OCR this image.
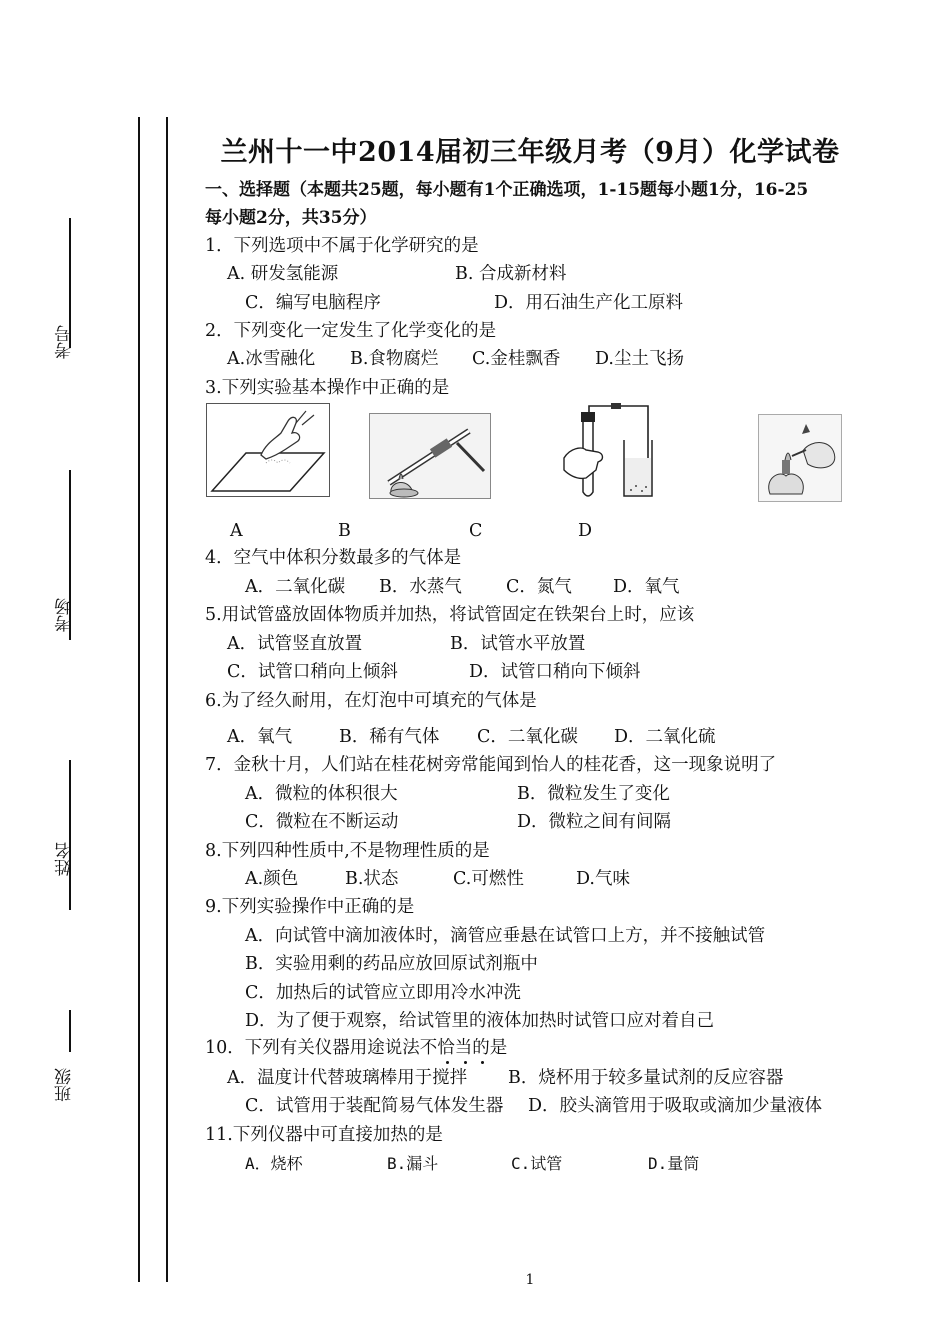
考号
考场
姓名
班级
兰州十一中2014届初三年级月考（9月）化学试卷
一、选择题（本题共25题，每小题有1个正确选项，1-15题每小题1分，16-25
每小题2分，共35分）
1．下列选项中不属于化学研究的是
A. 研发氢能源	B. 合成新材料
C．编写电脑程序	D．用石油生产化工原料
2．下列变化一定发生了化学变化的是
A.冰雪融化 B.食物腐烂 C.金桂飘香 D.尘土飞扬
3.下列实验基本操作中正确的是
A	B	C	D
4．空气中体积分数最多的气体是
A．二氧化碳 B．水蒸气	C．氮气 D．氧气
5.用试管盛放固体物质并加热，将试管固定在铁架台上时，应该
A．试管竖直放置	B．试管水平放置
C．试管口稍向上倾斜	D．试管口稍向下倾斜
6.为了经久耐用，在灯泡中可填充的气体是
A．氧气	B．稀有气体 C．二氧化碳 D．二氧化硫
7．金秋十月，人们站在桂花树旁常能闻到怡人的桂花香，这一现象说明了
A．微粒的体积很大	B．微粒发生了变化
C．微粒在不断运动	D．微粒之间有间隔
8.下列四种性质中,不是物理性质的是
A.颜色	B.状态	C.可燃性	D.气味
9.下列实验操作中正确的是
A．向试管中滴加液体时，滴管应垂悬在试管口上方，并不接触试管
B．实验用剩的药品应放回原试剂瓶中
C．加热后的试管应立即用冷水冲洗
D．为了便于观察，给试管里的液体加热时试管口应对着自己
10．下列有关仪器用途说法不恰当的是
A．温度计代替玻璃棒用于搅拌 B．烧杯用于较多量试剂的反应容器
C．试管用于装配简易气体发生器 D．胶头滴管用于吸取或滴加少量液体
11.下列仪器中可直接加热的是
A．烧杯	B.漏斗	C.试管	D.量筒
1
